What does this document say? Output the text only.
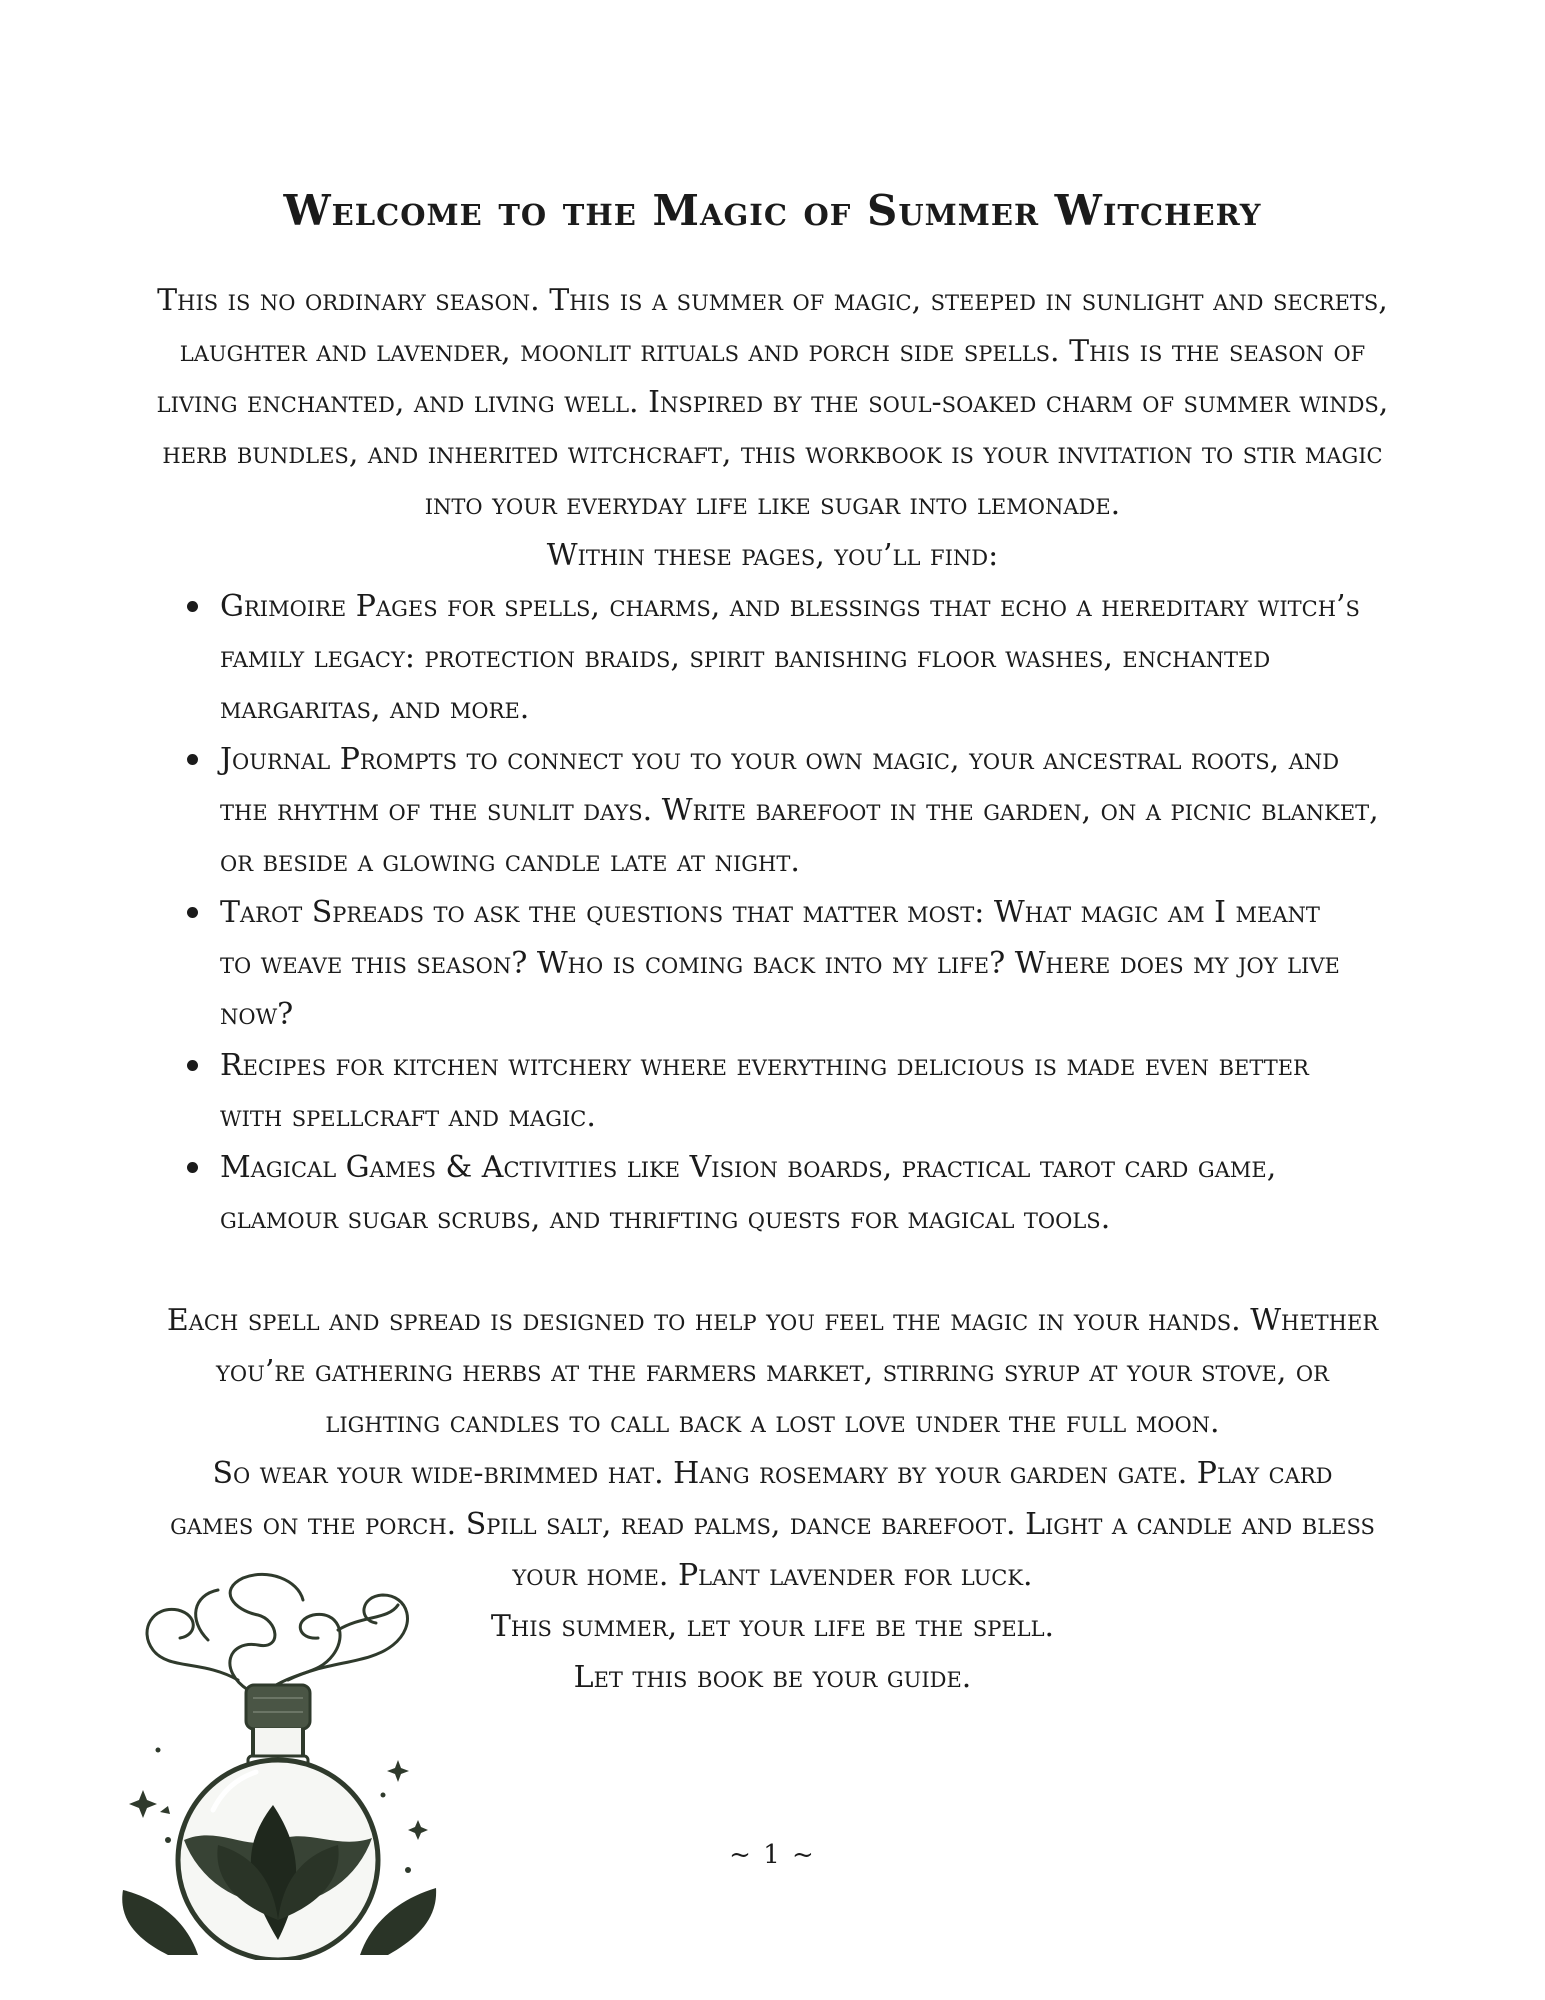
Welcome to the Magic of Summer Witchery

This is no ordinary season. This is a summer of magic, steeped in sunlight and secrets,

laughter and lavender, moonlit rituals and porch side spells. This is the season of

living enchanted, and living well. Inspired by the soul-soaked charm of summer winds,

herb bundles, and inherited witchcraft, this workbook is your invitation to stir magic

into your everyday life like sugar into lemonade.

Within these pages, you’ll find:

Grimoire Pages for spells, charms, and blessings that echo a hereditary witch’s
family legacy: protection braids, spirit banishing floor washes, enchanted
margaritas, and more.
Journal Prompts to connect you to your own magic, your ancestral roots, and
the rhythm of the sunlit days. Write barefoot in the garden, on a picnic blanket,
or beside a glowing candle late at night.
Tarot Spreads to ask the questions that matter most: What magic am I meant
to weave this season? Who is coming back into my life? Where does my joy live
now?
Recipes for kitchen witchery where everything delicious is made even better
with spellcraft and magic.
Magical Games & Activities like Vision boards, practical tarot card game,
glamour sugar scrubs, and thrifting quests for magical tools.

Each spell and spread is designed to help you feel the magic in your hands. Whether

you’re gathering herbs at the farmers market, stirring syrup at your stove, or

lighting candles to call back a lost love under the full moon.

So wear your wide-brimmed hat. Hang rosemary by your garden gate. Play card

games on the porch. Spill salt, read palms, dance barefoot. Light a candle and bless

your home. Plant lavender for luck.

This summer, let your life be the spell.

Let this book be your guide.

~ 1 ~
